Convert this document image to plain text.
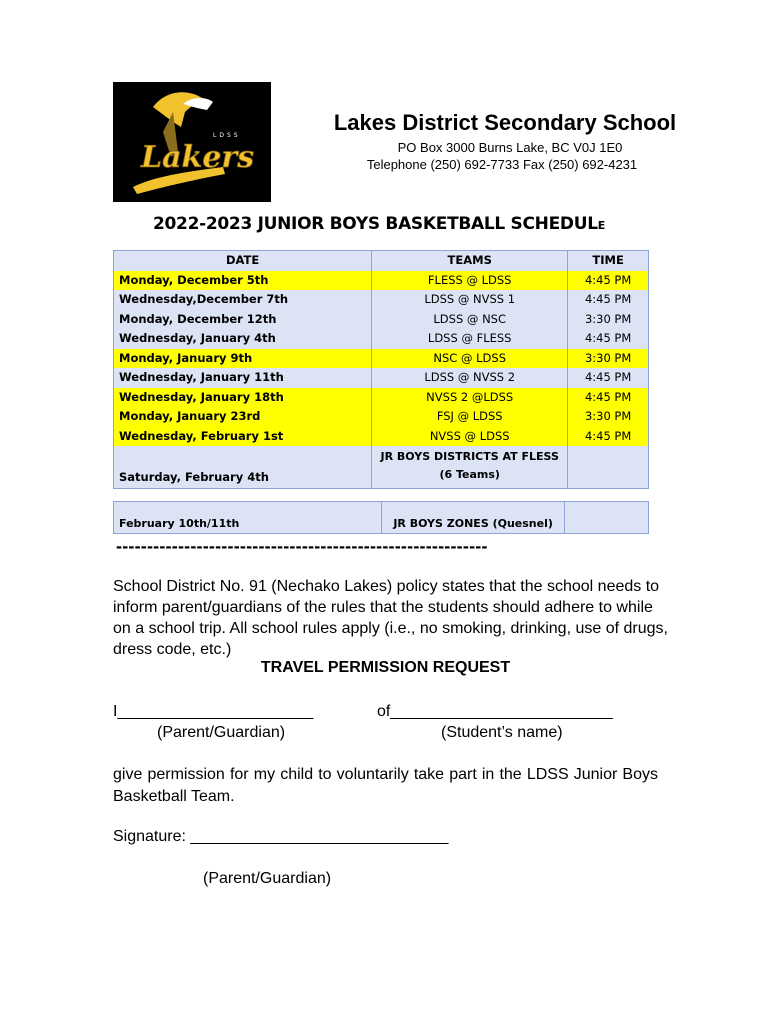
Lakers
LDSS
Lakes District Secondary School
PO Box 3000 Burns Lake, BC V0J 1E0
Telephone (250) 692-7733 Fax (250) 692-4231
2022-2023 JUNIOR BOYS BASKETBALL SCHEDULE
DATE	TEAMS	TIME
Monday, December 5th	FLESS @ LDSS	4:45 PM
Wednesday,December 7th	LDSS @ NVSS 1	4:45 PM
Monday, December 12th	LDSS @ NSC	3:30 PM
Wednesday, January 4th	LDSS @ FLESS	4:45 PM
Monday, January 9th	NSC @ LDSS	3:30 PM
Wednesday, January 11th	LDSS @ NVSS 2	4:45 PM
Wednesday, January 18th	NVSS 2 @LDSS	4:45 PM
Monday, January 23rd	FSJ @ LDSS	3:30 PM
Wednesday, February 1st	NVSS @ LDSS	4:45 PM
Saturday, February 4th	JR BOYS DISTRICTS AT FLESS
(6 Teams)	

February 10th/11th	JR BOYS ZONES (Quesnel)	
------------------------------------------------------------
School District No. 91 (Nechako Lakes) policy states that the school needs to inform parent/guardians of the rules that the students should adhere to while on a school trip. All school rules apply (i.e., no smoking, drinking, use of drugs, dress code, etc.)
TRAVEL PERMISSION REQUEST
I______________________	of_________________________
(Parent/Guardian)	(Student’s name)
give permission for my child to voluntarily take part in the LDSS Junior Boys Basketball Team.
Signature: _____________________________
(Parent/Guardian)
